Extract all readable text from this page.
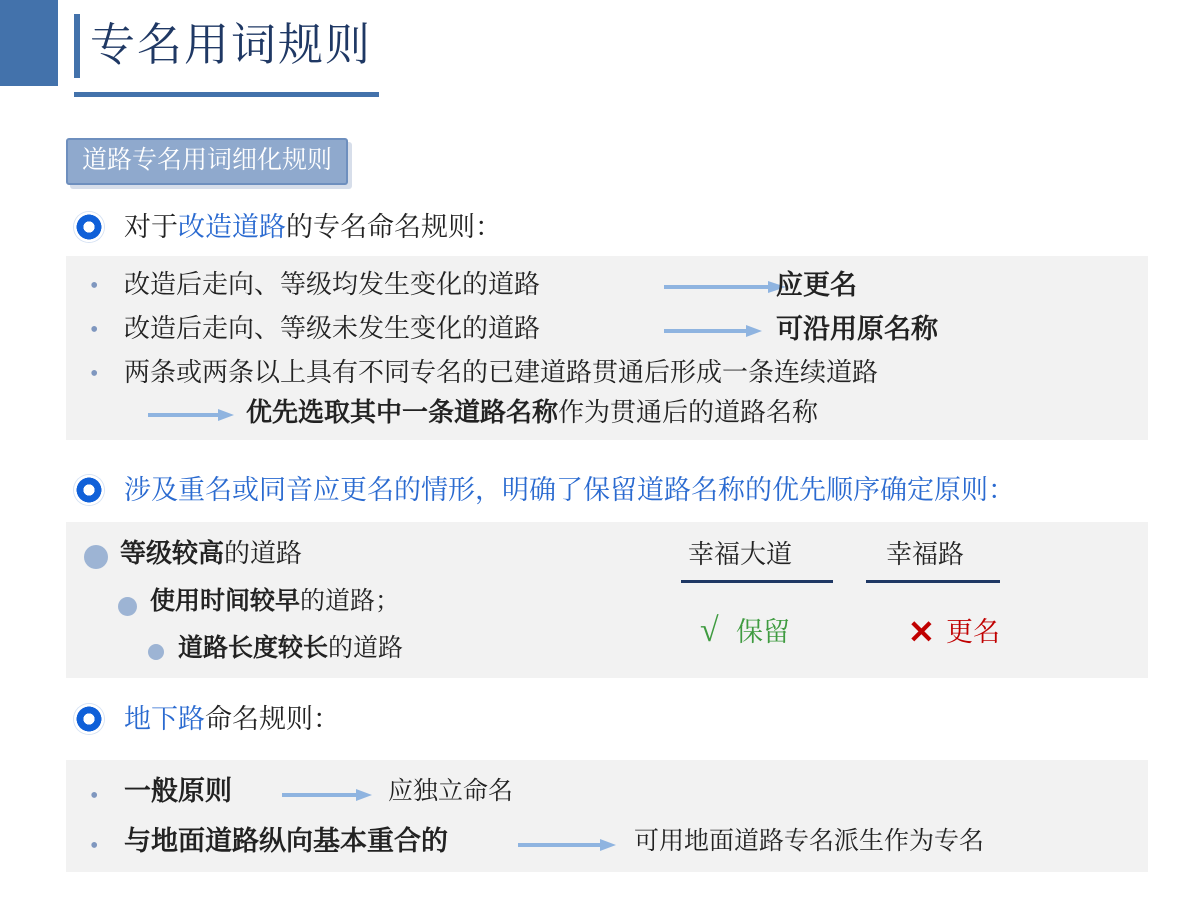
专名用词规则
道路专名用词细化规则
对于改造道路的专名命名规则：
• 改造后走向、等级均发生变化的道路	应更名
• 改造后走向、等级未发生变化的道路	可沿用原名称
• 两条或两条以上具有不同专名的已建道路贯通后形成一条连续道路
优先选取其中一条道路名称作为贯通后的道路名称
涉及重名或同音应更名的情形，明确了保留道路名称的优先顺序确定原则：
等级较高的道路
使用时间较早的道路；
道路长度较长的道路
幸福大道	幸福路
√ 保留	✕ 更名
地下路命名规则：
• 一般原则	应独立命名
• 与地面道路纵向基本重合的	可用地面道路专名派生作为专名
